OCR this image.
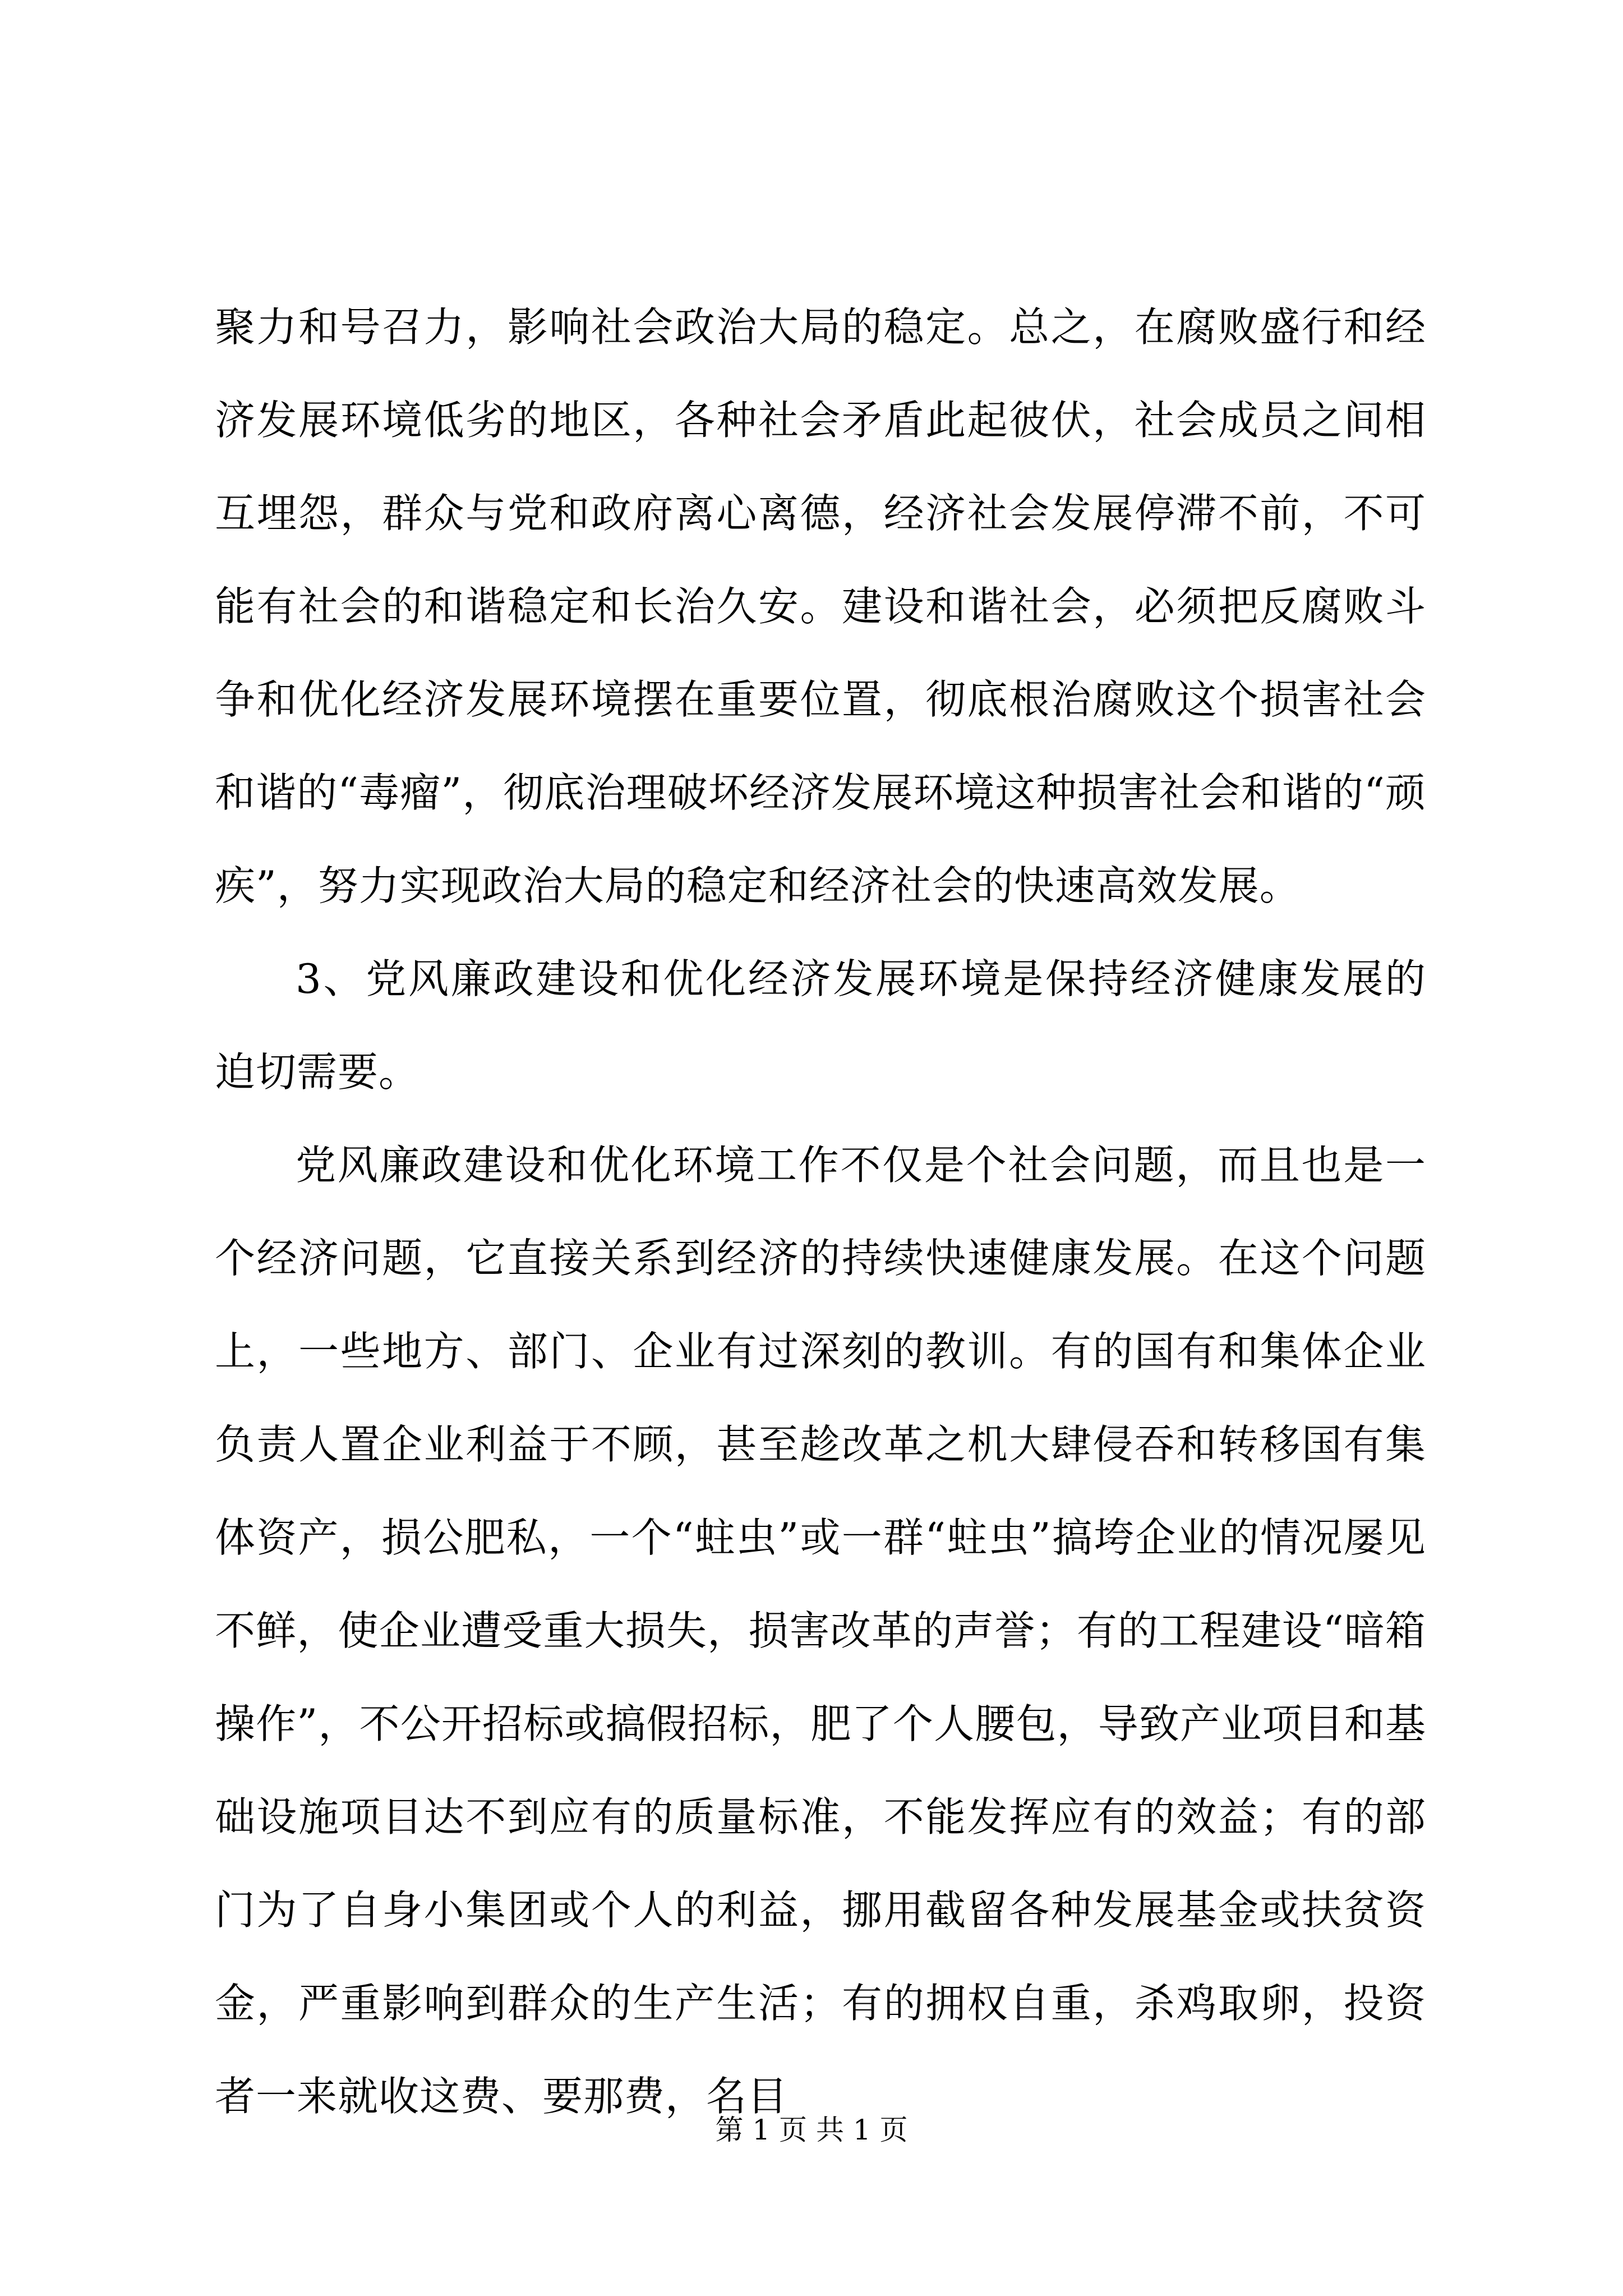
聚力和号召力，影响社会政治大局的稳定。总之，在腐败盛行和经济发展环境低劣的地区，各种社会矛盾此起彼伏，社会成员之间相互埋怨，群众与党和政府离心离德，经济社会发展停滞不前，不可能有社会的和谐稳定和长治久安。建设和谐社会，必须把反腐败斗争和优化经济发展环境摆在重要位置，彻底根治腐败这个损害社会和谐的“毒瘤”，彻底治理破坏经济发展环境这种损害社会和谐的“顽疾”，努力实现政治大局的稳定和经济社会的快速高效发展。

3、党风廉政建设和优化经济发展环境是保持经济健康发展的迫切需要。

党风廉政建设和优化环境工作不仅是个社会问题，而且也是一个经济问题，它直接关系到经济的持续快速健康发展。在这个问题上，一些地方、部门、企业有过深刻的教训。有的国有和集体企业负责人置企业利益于不顾，甚至趁改革之机大肆侵吞和转移国有集体资产，损公肥私，一个“蛀虫”或一群“蛀虫”搞垮企业的情况屡见不鲜，使企业遭受重大损失，损害改革的声誉；有的工程建设“暗箱操作”，不公开招标或搞假招标，肥了个人腰包，导致产业项目和基础设施项目达不到应有的质量标准，不能发挥应有的效益；有的部门为了自身小集团或个人的利益，挪用截留各种发展基金或扶贫资金，严重影响到群众的生产生活；有的拥权自重，杀鸡取卵，投资者一来就收这费、要那费，名目

第 1 页 共 1 页
